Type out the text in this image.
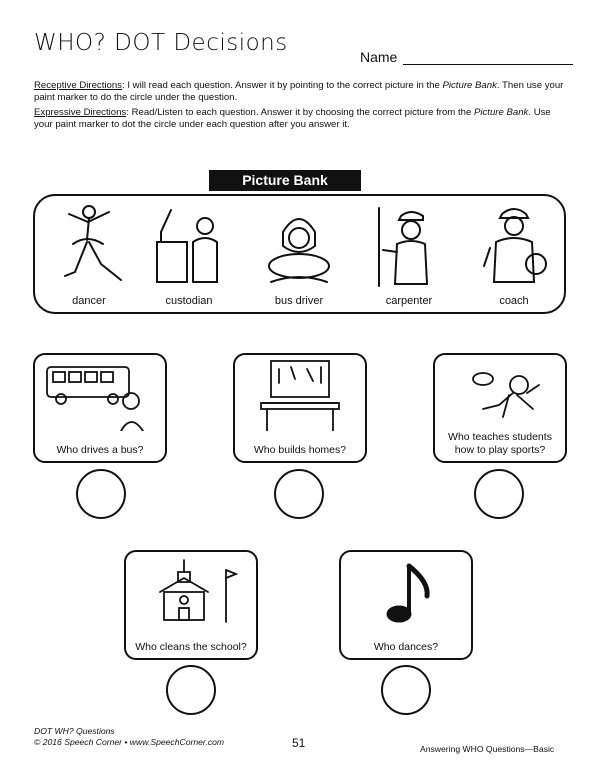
WHO? DOT Decisions
Name

Receptive Directions: I will read each question. Answer it by pointing to the correct picture in the Picture Bank. Then use your paint marker to do the circle under the question.

Expressive Directions: Read/Listen to each question. Answer it by choosing the correct picture from the Picture Bank. Use your paint marker to dot the circle under each question after you answer it.

Picture Bank
dancer	custodian	bus driver	carpenter	coach
Who drives a bus?	Who builds homes?
Who teaches students how to play sports?
Who cleans the school?	Who dances?
DOT WH? Questions
© 2016 Speech Corner • www.SpeechCorner.com	51	Answering WHO Questions—Basic
